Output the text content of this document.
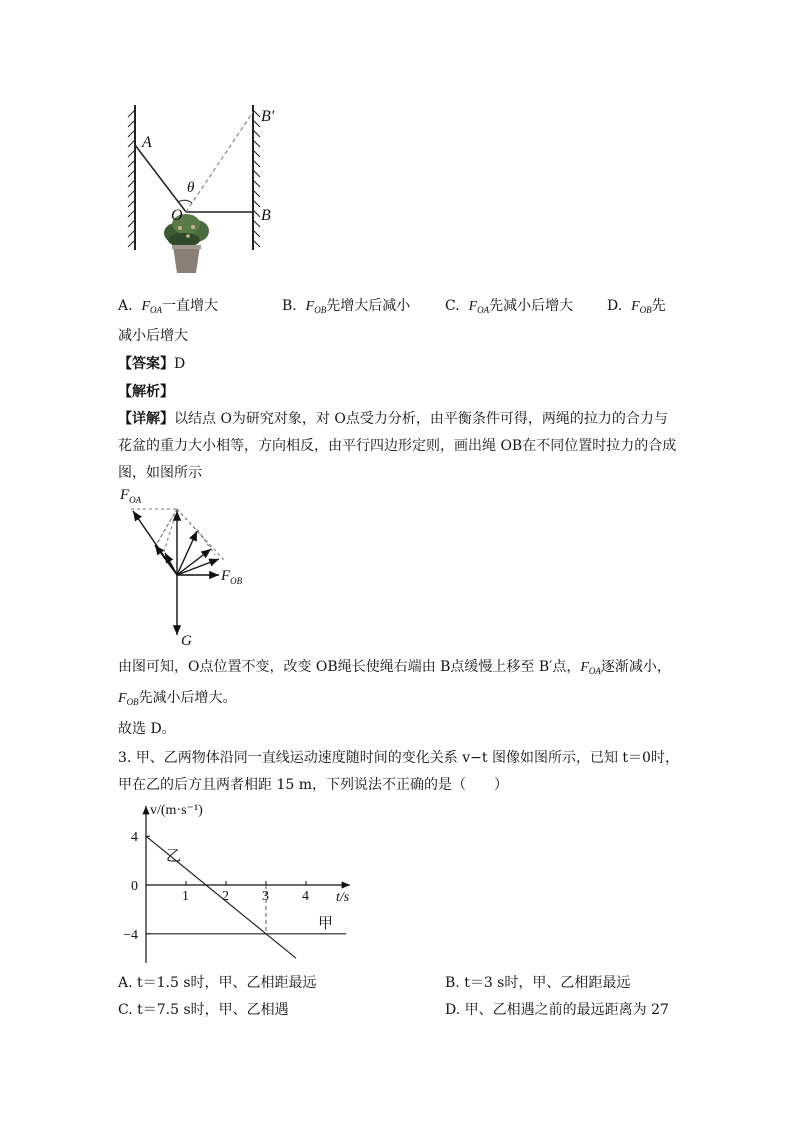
A
B
B′
O
θ
A. $F_{OA}$一直增大	B. $F_{OB}$先增大后减小 C. $F_{OA}$先减小后增大 D. $F_{OB}$先
减小后增大
【答案】D
【解析】
【详解】以结点 O为研究对象，对 O点受力分析，由平衡条件可得，两绳的拉力的合力与
花盆的重力大小相等，方向相反，由平行四边形定则，画出绳 OB在不同位置时拉力的合成
图，如图所示
$F_{OA}$
$F_{OB}$
G
由图可知，O点位置不变，改变 OB绳长使绳右端由 B点缓慢上移至 B′点，$F_{OA}$逐渐减小，
$F_{OB}$先减小后增大。
故选 D。
3. 甲、乙两物体沿同一直线运动速度随时间的变化关系 v−t 图像如图所示，已知 t＝0时，
甲在乙的后方且两者相距 15 m，下列说法不正确的是（　　）
v/(m·s⁻¹)
t/s
1 2 3 4
4
0
−4
乙
甲
A. t＝1.5 s时，甲、乙相距最远	B. t＝3 s时，甲、乙相距最远
C. t＝7.5 s时，甲、乙相遇	D. 甲、乙相遇之前的最远距离为 27
